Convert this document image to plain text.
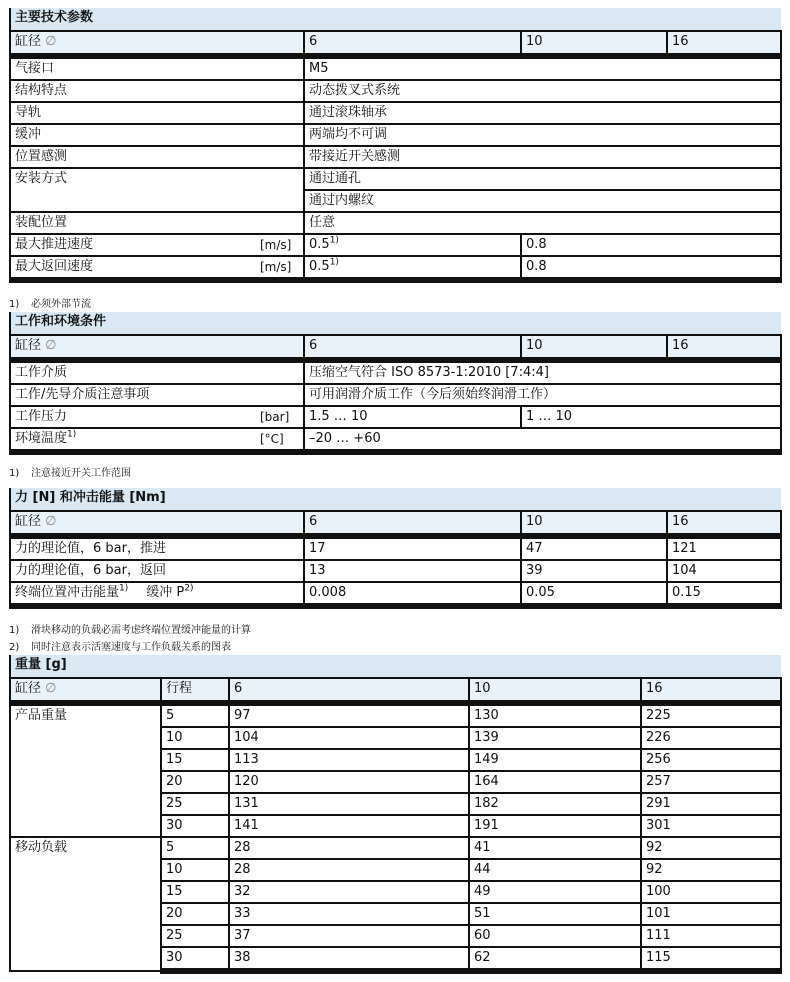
主要技术参数				
缸径 ∅		6	10	16
气接口		M5		
结构特点		动态拨叉式系统		
导轨		通过滚珠轴承		
缓冲		两端均不可调		
位置感测		带接近开关感测		
安装方式		通过通孔		
		通过内螺纹		
装配位置		任意		
最大推进速度	[m/s]	0.5$^{1)}$	0.8	
最大返回速度	[m/s]	0.5$^{1)}$	0.8	
1) 必须外部节流
工作和环境条件				
缸径 ∅		6	10	16
工作介质		压缩空气符合 ISO 8573-1:2010 [7:4:4]		
工作/先导介质注意事项		可用润滑介质工作（今后须始终润滑工作）		
工作压力	[bar]	1.5 … 10	1 … 10	
环境温度$^{1)}$	[°C]	–20 … +60		
1) 注意接近开关工作范围
力 [N] 和冲击能量 [Nm]				
缸径 ∅		6	10	16
力的理论值，6 bar，推进		17	47	121
力的理论值，6 bar，返回		13	39	104
终端位置冲击能量$^{1)}$ 缓冲 $P^{2)}$		0.008	0.05	0.15
1) 滑块移动的负载必需考虑终端位置缓冲能量的计算
2) 同时注意表示活塞速度与工作负载关系的图表
重量 [g]				
缸径 ∅	行程	6	10	16
产品重量	5	97	130	225
	10	104	139	226
	15	113	149	256
	20	120	164	257
	25	131	182	291
	30	141	191	301
移动负载	5	28	41	92
	10	28	44	92
	15	32	49	100
	20	33	51	101
	25	37	60	111
	30	38	62	115
